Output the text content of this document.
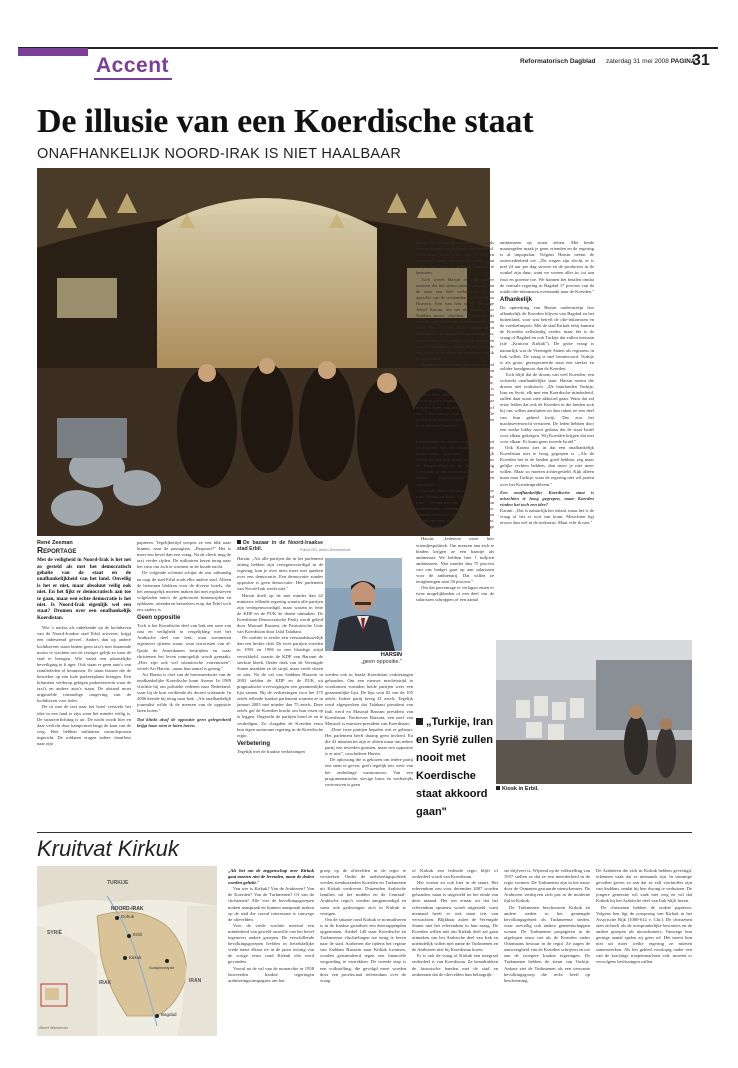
Accent	Reformatorisch Dagblad zaterdag 31 mei 2008 PAGINA
31
De illusie van een Koerdische staat
ONAFHANKELIJK NOORD-IRAK IS NIET HAALBAAR
René Zeeman
Reportage
Met de veiligheid in Noord-Irak is het net zo gesteld als met het democratisch gehalte van de staat en de onafhankelijkheid van het land. Onveilig is het er niet, maar absoluut veilig ook niet. En het lijkt er democratisch aan toe te gaan, maar een echte democratie is het niet. Is Noord-Irak eigenlijk wel een staat? Dromen over een onafhankelijk Koerdistan.

Wie 's nachts als onbekende op de luchthaven van de Noord-Iraakse stad Erbil arriveert, krijgt een onbestemd gevoel. Anders dan op andere luchthavens staan buiten geen taxi's met draaiende motor te wachten om de reiziger gelijk zo naar de stad te brengen. Wie vanaf een plaatselijke beveiliging te fi nger. Ook staan er geen auto's van familieleden of kennissen. Er staan bussen die de bezoeker op een kale parkeerplaats brengen. Een kilometer verderop gelegen parkeerterrein waar de taxi's en andere auto's staan. De afstand moet uitgestelde rommelige omgeving van de luchthaven voor ieder.

De rit met de taxi naar het hotel verstrekt het idee in een land te zijn waar het minder veilig is. De straatverlichting is uit. De nacht wordt hier en daar verlicht door kampvuren langs de kant van de weg. Hier hebben militairen controleposten ingericht. De soldaten vragen iedere chauffeur naar zijn

papieren. Tegelijkertijd werpen ze een blik naar binnen, naar de passagiers. „Paspoort?" Het is meer een bevel dan een vraag. Na de check mag de taxi verder rijden. De militairen keren terug naar het vuur om zich te warmen in de koude nacht.

De volgende ochtend schijnt de zon uitbundig en oogt de stad Erbil zoals elke andere stad. Alleen de betonnen blokken voor de diverse hotels, die het onmogelijk moeten maken dat met explosieven volgeladen auto's de gebouwen binnenrijden en opblazen, attenderen bezoekers erop dat Erbil toch iets anders is.

Geen oppositie

Toch is het Koerdische deel van Irak een oase van rust en veiligheid in vergelijking met het Arabische deel van Irak, waar soennieten tegenover sjiieten staan, waar terroristen van al-Qaida de Amerikanen bestrijden en waar christenen het leven onmogelijk wordt gemaakt. „Hier zijn ook wel islamitische extremisten", vertelt Ari Harsin, „maar hun aantal is gering."

Ari Harsin is chef van de bureauredactie van de onafhankelijke Koerdische krant Awene. In 1989 vluchtte hij om politieke redenen naar Nederland, waar hij de kost verdiende als docent wiskunde. In 2006 keerde hij terug naar Irak. „Als onafhankelijk journalist wilde ik de mensen van de oppositie laten horen."

Dat klinkt alsof de oppositie geen gelegenheid krijgt haar stem te laten horen.

De bazaar in de Noord-Iraakse stad Erbil.

Harsin: „Als alle partijen die in het parlement zitting hebben zijn vertegenwoordigd in de regering, kun je over niets meer niet spreken over een democratie. Een democratie zonder oppositie is geen democratie. Het parlement van Noord-Irak werkt niet."

Harsin doelt op de met minder dan 42 ministers tellende regering waarin alle partijen zijn vertegenwoordigd, maar waarin in feite de KDP en de PUK de dienst uitmaken. De Koerdistan Democratische Partij wordt geleid door Masoud Barzani, de Patriottische Unie van Koerdistan door Jalal Talabani.

De coalitie is eerder een verstandshuwelijk dan een hechte club. De twee partijen voerden in 1993 en 1996 in een bloedige strijd verwikkeld, waarin de KDP van Barzani de sterkste bleek. Onder druk van de Verenigde Staten maakten ze de strijd, maar vrede sloten ze niet. Na de val van Saddam Hussein in 2003 stelden de KDP en de PUK uit pragmatische overwegingen een gezamenlijke lijst samen. Bij de verkiezingen voor het 275 zetels tellende Iraakse parlement wonnen ze in januari 2005 met minder dan 75 zetels. Deze zetels gaf de Koerden kracht om hun eisen op te leggen. Ongeacht de partijen bond ze en te verdedigen. Zo claagden de Koerden extra hun eigen autonome regering in de Koerdische regio.

Verbetering

Tegelijk met de Iraakse verkiezingen

Foto's RD, Anton Dommerholt
HARSIN
„geen oppositie."

werden ook in Iraaks Koerdistan verkiezingen gehouden. Om een nieuwe machtsstrijd te voorkomen vormden beide partijen weer een gezamenlijke lijst. De lijst won 82 van de 105 zetels. Iedere partij kreeg 41 zetels. Tegelijk werd afgesproken dat Talabani president van Irak werd en Masoud Barzani president van Koerdistan. Nechirvan Barzani, een neef van Masoud, is minister-president van Koerdistan.

„Deze twee partijen bepalen wat er gebeurt. Het parlement heeft daarop geen invloed. En die 42 ministeries zijn er alleen maar om iedere partij een tevreden gunsten, maar een oppositie is er niet", concludeert Harsin.

De oplossing die is gekozen om iedere partij een stem te geven, geeft tegelijk iets weer van het onderlinge wantrouwen. Van een programmatische, stevige basis en wederzijds vertrouwen is geen

„Turkije, Iran en Syrië zullen nooit met Koerdische staat akkoord gaan"

sprake. De belangrijkste ministeries, zoals die van Justitie en Defensie, zijn verdeeld. Koerdistan heeft voor zijn 4 miljoen inwoners meer ministeries nodig dan China om ruim 1 miljard mensen te besturen.

Toch weten Harsin en ook andere mensen dat het democratisch gehalte van de staat een hele verbetering is ten opzichte van de toestanden onder Saddam Hussein. Een van hen is de 55-jarige Jehyil Karani, die net als Harsin voor Saddam moest vluchten. Karani is als docente verbonden aan de universiteit van Erbil. Van 1995 tot 2004 verbleef hij in Nederland. „Ik deed werk op tebe-niveau, maar nadien dat leefde tot de aanslagen van 11 september. Omdat ik niet de hele dag thuis wilde zitten en te-kijken ben ik teruggekeerd."

Saddam was een jaar daarvoor ten val gebracht. „De situatie onder Saddam kun je niet vergelijken met de huidige situatie. We hebben geen 100 procent democratie, maar in vergelijking met het verleden is het een hele verbetering. Onder Saddam mocht je geen tegenstanders hebben, maar ook het bezit van een satellietschotel of een videocamera was al strafbaar. De politie kon iemand zomaar oppakken. Dat is nu allemaal voorbij."

Vriendjespolitiek

Commentatoren wijzen erop dat Talabani en Barzani niet de reputatie van echte democraten genieten. Waarschijnlijk zullen ze dat ook nooit worden. Tijdens de burgeroorlog in de jaren negentig schonden ze de mensenrechten op grote schaal. Tegenstanders verdwenen spoorloos.

Barzani domineert als vanouds de regio rond Dohuk en Erbil, Talabani het gebied rond Sulaymaniyah. Zij en hun familieleden beheren deze gebieden. Barzani heeft op zijn bankrekening een tegoed van naar schatting 2 miljard dollar. Talabani moet het doen met een slordige 400 miljoen.

Harsin: „Iedereen moet hier vriendjespolitiek. Om mensen aan zich te binden krijgen ze een baantje als ambtenaar. We hebben hier 1 miljoen ambtenaren. Niet minder dan 75 procent van ons budget gaat op aan salarissen voor de ambtenarij. Dat willen ze terugbrengen naar 50 procent."

Om dat percentage te verlagen zitten er twee mogelijkheden of een deel van de salarissen schrappen of een aantal

ambtenaren op straat zetten. Met beide maatregelen maak je geen vrienden en de regering is al impopulair. Volgens Harsin neemt de ontevredenheid toe. „De wegen zijn slecht, er is niet 24 uur per dag stroom en de producten in de winkel zijn duur, want we voeren alles in, tot aan fruit en groente toe. We kunnen het betalen omdat de centrale regering in Bagdad 17 procent van de totale olie-inkomsten overmaakt naar de Koerden."

Afhankelijk

De opmerking van Harsin onderstreept hoe afhankelijk de Koerden blijven van Bagdad en het buitenland, voor wat betreft de olie-inkomsten en de voedselimport. Met de stad Kirkuk erbij kunnen de Koerden zelfstandig verder, maar het is de vraag of Bagdad en ook Turkije dat zullen toestaan (zie „Kruitvat Kirkuk"). De grote vraag is natuurlijk wat de Verenigde Staten als regisseur in Irak willen. De vraag is snel beantwoord. Turkije is als grote, gerespecteerde staat een sterker en solider bondgenoot dan de Koerden.

Toch blijft dat de droom van veel Koerden: een volstrekt onafhankelijke staat. Harsin noemt die droom niet realistisch. „De buurlanden Turkije, Iran en Syrië, elk met een Koerdische minderheid, zullen daar nooit mee akkoord gaan. Want dat zal ertoe leiden dat ook de Koerden in die landen zich bij ons willen aansluiten en dan raken ze een deel van hun gebied kwijt. Dat zou het machtsevenwicht verstoren. De leden hebben door een sterke lobby nooit gedaan dat de staat Israël voor elkaar gekregen. Wij Koerden krijgen dat niet voor elkaar. Er komt geen tweede Israël."

Ook Karani ziet in dat een onafhankelijk Koerdistan niet te hoog gegrepen is. „Als de Koerden het in de landen goed hebben, zeg maar gelijke rechten hebben, dan moet je niet meer willen. Maar zo moeten achtergesteld. Kijk alleen maar naar Turkije, waar de regering niet wil praten over het Koerdenprobleem."

Een onafhankelijke Koerdische staat is misschien te hoog gegrepen, maar Koerden vinden het toch een idee?

Karani: „Dat is natuurlijk het ideaal, maar het is de vraag of het er ooit van komt. Misschien ligt ervoor dan wel in de toekomst. Maar echt ik niet."

Kiosk in Erbil.
Kruitvat Kirkuk
TURKIJE
NOORD-IRAK
SYRIË
IRAK	IRAN
Dohuk
Erbil
Kirkuk
Sulaymaniyah
Bagdad
Albert Wisseman

„Als het om de zeggenschap over Kirkuk gaat moeten niet de levenden, maar de doden worden gehekt."

Van wie is Kirkuk? Van de Arabieren? Van de Koerden? Van de Turkmenen? Of van de christenen? Alle vier de bevolkingsgroepen maken aanspraak en kunnen aanspraak maken op de stad die vooral interessant is vanwege de olievelden.

Voor de vrede wachtte meestal een minderheid van geweld omwille van het bevel tegenover andere groepen. De verschillende bevolkingsgroepen leefden in betrekkelijke vrede naast elkaar tot in de jaren twintig van de vorige eeuw rond Kirkuk olie werd gevonden.

Vooral na de val van de monarchie in 1958 lanceerden Iraakse regeringen arabiseringscampagnes om het

groep op de olievelden in de regio te versterken. Onder de arabiseringspolitiek werden tienduizenden Koerden en Turkmenen uit Kirkuk verdreven. Duizenden Arabische families uit het midden en de Centraal-Arabische regio's werden aangemoedigd en soms ook gedwongen zich in Kirkuk te vestigen.

Om de situatie rond Kirkuk te normaliseren is in de Iraakse grondwet een drietrappenplan opgenomen. Artikel 140 staat Koerdische en Turkmeense vluchtelingen toe terug te keren naar de stad. Arabieren die tijdens het regime van Saddam Hussein naar Kirkuk kwamen, worden gestimuleerd tegen een financiële vergoeding te vertrekken. De tweede stap is een volkstelling, die gevolgd moet worden door een provinciaal referendum over de vraag

of Kirkuk een federale regio blijft of onderdeel wordt van Koerdistan.

Het voeten zit ook hier in de staart. Het referendum zou voor december 2007 worden gehouden, maar is uitgesteld tot het einde van deze maand. Het riet ernaar uit dat het referendum opnieuw wordt uitgesteld, want niemand heeft er ook maar iets van verwachten. Blijkbaar zitten de Verenigde Staten niet het referendum in hun maag. De Koerden willen niet dat Kirkuk deel zal gaan uitmaken van het Arabische deel van Irak en uiteindelijk willen met name de Turkmenen en de Arabieren niet bij Koerdistan horen.

Er is ook de vraag of Kirkuk een integraal onderdeel is van Koerdistan. Ze benadrukken de historische banden met de stad en ontkennen dat de olievelden hun belangrijk-

ste drijfveer is. Wijzend op de volkstelling van 1957 stellen ze dat ze een meerderheid in de regio vormen. De Turkmenen zijn in het nauw door de Osmanen gestuurde nieuwkomers. De Arabieren verdrijven zich pas in de moderne tijd in Kirkuk.

De Turkmenen beschouwen Kirkuk en andere steden in het gemengde bevolkingsgebied als Turkmeense steden, waar toevallig ook andere gemeenschappen wonen. De Turkmenen propageren in de afgelopen eeuw net als de Koerden onder Ottomaans bestuur in de regio. Ze zagen de aanwezigheid van de Koerden schrijven en toe aan de vroegere Iraakse regeringen. De Turkmenen hebben de steun van Turkije. Ankara ziet de Turkmenen als een verwante bevolkingsgroep die recht heeft op bescherming.

De Arabieren die zich in Kirkuk hebben gevestigd, erkennen vaak dat ze niemands rijn. In sommige gevallen geven ze aan dat ze zelf slachtoffer zijn van Saddam, omdat hij hen dwong te verhuizen. De jongere generatie wil vaak niet weg en wil dat Kirkuk bij het Arabische deel van Irak blijft horen.

De christenen hebben de oudste papieren. Volgens hen ligt de oorsprong van Kirkuk in het Assyrische Rijk (1000-612 v. Chr.). De christenen zien zichzelf als de oorspronkelijke bewoners en de andere groepen als nieuwkomers. Vanwege hun geringe aantal spelen zij geen rol. Het meest hun niet uit moet welke regering ze moeten samenwerken. Als het gebied voorlopig onder een van de krachtige troepenmachten valt, moeten er vervolgens beslissingen vallen.
